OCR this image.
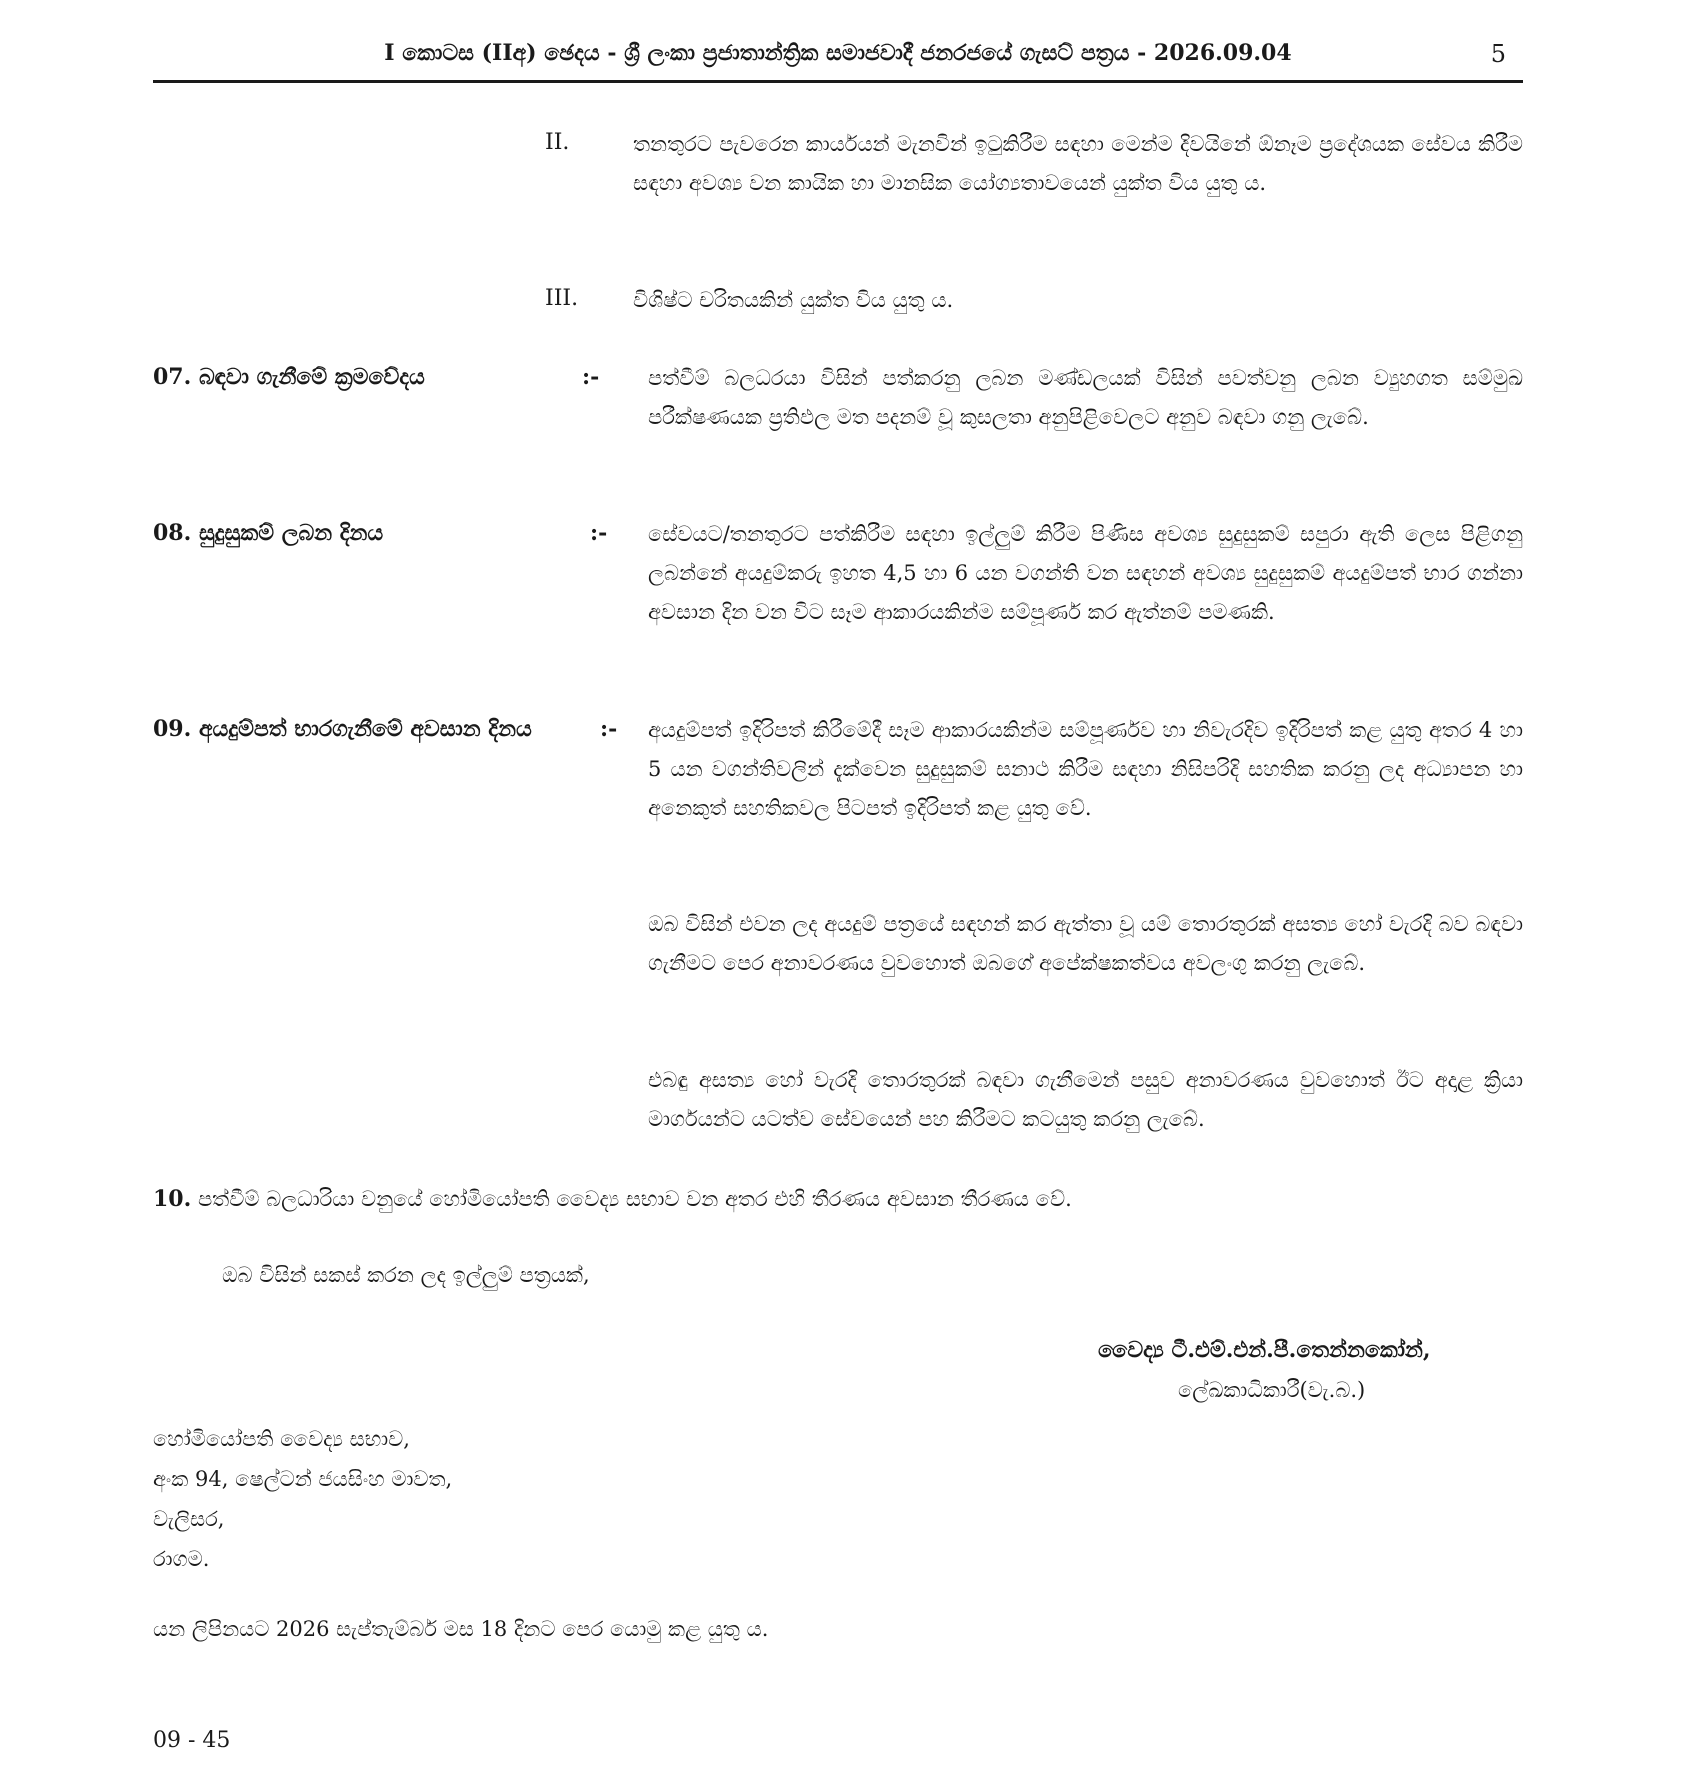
I කොටස (IIඅ) ඡෙදය - ශ්‍රී ලංකා ප්‍රජාතාන්ත්‍රික සමාජවාදී ජනරජයේ ගැසට් පත්‍රය - 2026.09.04	5
II.	තනතුරට පැවරෙන කාර්යයන් මැනවින් ඉටුකිරීම සඳහා මෙන්ම දිවයිනේ ඕනෑම ප්‍රදේශයක සේවය කිරීම සඳහා අවශ්‍ය වන කායික හා මානසික යෝග්‍යතාවයෙන් යුක්ත විය යුතු ය.
III.	විශිෂ්ට චරිතයකින් යුක්ත විය යුතු ය.
07. බඳවා ගැනීමේ ක්‍රමවේදය	:- පත්වීම් බලධරයා විසින් පත්කරනු ලබන මණ්ඩලයක් විසින් පවත්වනු ලබන ව්‍යුහගත සම්මුඛ පරීක්ෂණයක ප්‍රතිඵල මත පදනම් වූ කුසලතා අනුපිළිවෙලට අනුව බඳවා ගනු ලැබේ.
08. සුදුසුකම් ලබන දිනය	:- සේවයට/තනතුරට පත්කිරීම සඳහා ඉල්ලුම් කිරීම පිණිස අවශ්‍ය සුදුසුකම් සපුරා ඇති ලෙස පිළිගනු ලබන්නේ අයදුම්කරු ඉහත 4,5 හා 6 යන වගන්ති වන සඳහන් අවශ්‍ය සුදුසුකම් අයදුම්පත් භාර ගන්නා අවසාන දින වන විට සෑම ආකාරයකින්ම සම්පූර්ණ කර ඇත්නම් පමණකි.
09. අයදුම්පත් භාරගැනීමේ අවසාන දිනය	:- අයදුම්පත් ඉදිරිපත් කිරීමේදී සෑම ආකාරයකින්ම සම්පූර්ණව හා නිවැරදිව ඉදිරිපත් කළ යුතු අතර 4 හා 5 යන වගන්තිවලින් දැක්වෙන සුදුසුකම් සනාථ කිරීම සඳහා නිසිපරිදි සහතික කරනු ලද අධ්‍යාපන හා අනෙකුත් සහතිකවල පිටපත් ඉදිරිපත් කළ යුතු වේ.
ඔබ විසින් එවන ලද අයදුම් පත්‍රයේ සඳහන් කර ඇත්තා වූ යම් තොරතුරක් අසත්‍ය හෝ වැරදි බව බඳවා ගැනීමට පෙර අනාවරණය වුවහොත් ඔබගේ අපේක්ෂකත්වය අවලංගු කරනු ලැබේ.
එබඳු අසත්‍ය හෝ වැරදි තොරතුරක් බඳවා ගැනීමෙන් පසුව අනාවරණය වුවහොත් ඊට අදාළ ක්‍රියා මාර්ගයන්ට යටත්ව සේවයෙන් පහ කිරීමට කටයුතු කරනු ලැබේ.
10. පත්වීම් බලධාරියා වනුයේ හෝමියෝපති වෛද්‍ය සභාව වන අතර එහි තීරණය අවසාන තීරණය වේ.
ඔබ විසින් සකස් කරන ලද ඉල්ලුම් පත්‍රයක්,
වෛද්‍ය ටී.එම්.එන්.පී.තෙන්නකෝන්,
ලේඛකාධිකාරී(වැ.බ.)
හෝමියෝපති වෛද්‍ය සභාව,
අංක 94, ෂෙල්ටන් ජයසිංහ මාවත,
වැලිසර,
රාගම.
යන ලිපිනයට 2026 සැප්තැම්බර් මස 18 දිනට පෙර යොමු කළ යුතු ය.
09 - 45
